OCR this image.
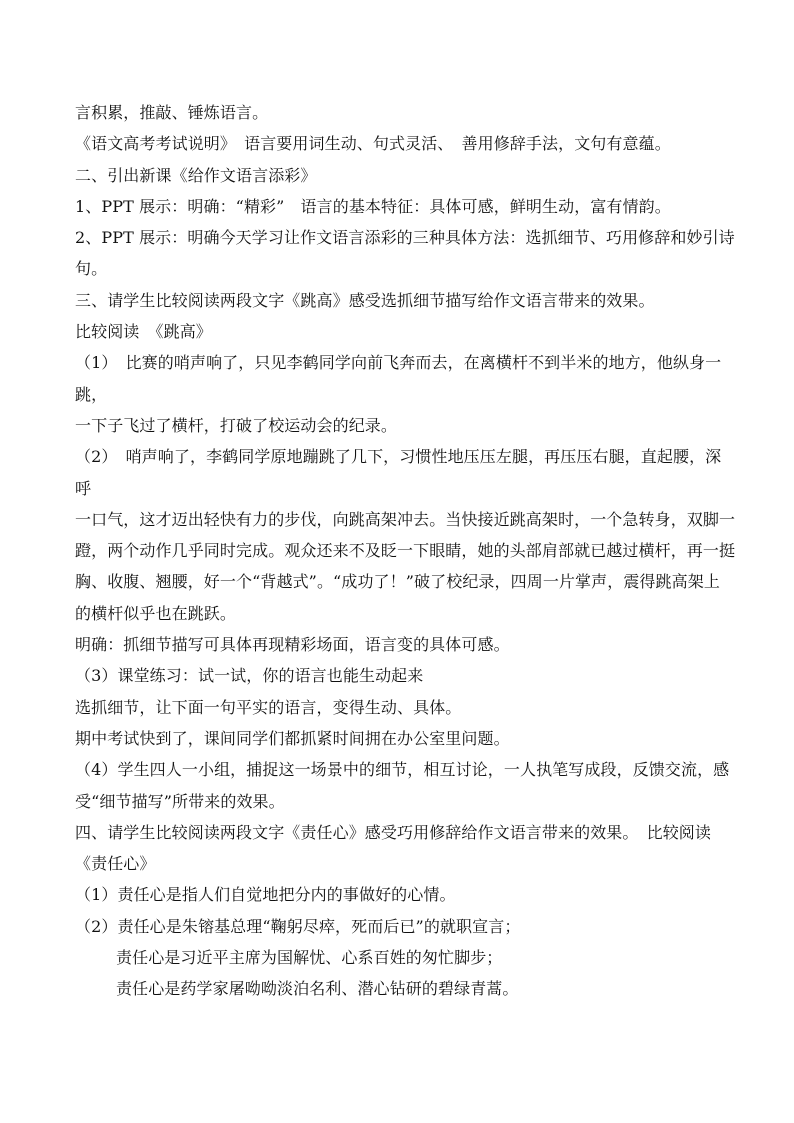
言积累，推敲、锤炼语言。
《语文高考考试说明》　语言要用词生动、句式灵活、　善用修辞手法，文句有意蕴。
二、引出新课《给作文语言添彩》
1、PPT 展示：明确：“精彩”　语言的基本特征：具体可感，鲜明生动，富有情韵。
2、PPT 展示：明确今天学习让作文语言添彩的三种具体方法：选抓细节、巧用修辞和妙引诗
句。
三、请学生比较阅读两段文字《跳高》感受选抓细节描写给作文语言带来的效果。
比较阅读　《跳高》
（1）　比赛的哨声响了，只见李鹤同学向前飞奔而去，在离横杆不到半米的地方，他纵身一
跳，
一下子飞过了横杆，打破了校运动会的纪录。
（2）　哨声响了，李鹤同学原地蹦跳了几下，习惯性地压压左腿，再压压右腿，直起腰，深
呼
一口气，这才迈出轻快有力的步伐，向跳高架冲去。当快接近跳高架时，一个急转身，双脚一
蹬，两个动作几乎同时完成。观众还来不及眨一下眼睛，她的头部肩部就已越过横杆，再一挺
胸、收腹、翘腰，好一个“背越式”。“成功了！”破了校纪录，四周一片掌声，震得跳高架上
的横杆似乎也在跳跃。
明确：抓细节描写可具体再现精彩场面，语言变的具体可感。
（3）课堂练习：试一试，你的语言也能生动起来
选抓细节，让下面一句平实的语言，变得生动、具体。
期中考试快到了，课间同学们都抓紧时间拥在办公室里问题。
（4）学生四人一小组，捕捉这一场景中的细节，相互讨论，一人执笔写成段，反馈交流，感
受“细节描写”所带来的效果。
四、请学生比较阅读两段文字《责任心》感受巧用修辞给作文语言带来的效果。　比较阅读
《责任心》
（1）责任心是指人们自觉地把分内的事做好的心情。
（2）责任心是朱镕基总理“鞠躬尽瘁，死而后已”的就职宣言；
责任心是习近平主席为国解忧、心系百姓的匆忙脚步；
责任心是药学家屠呦呦淡泊名利、潜心钻研的碧绿青蒿。
